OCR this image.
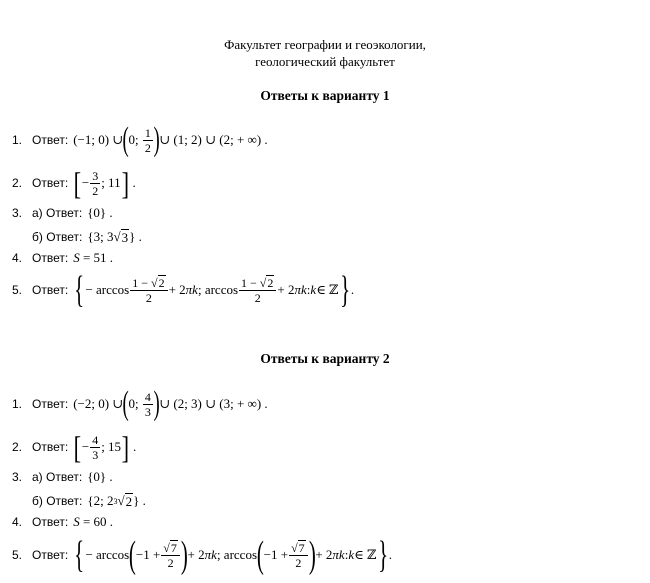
Факультет географии и геоэкологии,
геологический факультет
Ответы к варианту 1
1. Ответ: (−1; 0) ∪ ( 0; $\frac{1}{2}$ ) ∪ (1; 2) ∪ (2; + ∞) .
2. Ответ: [ − $\frac{3}{2}$ ; 11 ] .
3. а) Ответ: {0} .
б) Ответ: {3; 3√ 3 } .
4. Ответ: S = 51 .
5. Ответ: { − $\arccos \frac{1 - √2}{2} + 2$ πk ; $\arccos \frac{1 - √2}{2} + 2$ πk : k ∈ ℤ } .
Ответы к варианту 2
1. Ответ: (−2; 0) ∪ ( 0; $\frac{4}{3}$ ) ∪ (2; 3) ∪ (3; + ∞) .
2. Ответ: [ − $\frac{4}{3}$ ; 15 ] .
3. а) Ответ: {0} .
б) Ответ: {2; 2 3 √ 2 } .
4. Ответ: S = 60 .
5. Ответ: { − arccos ( $-1 + \frac{√7}{2}$ ) + 2 πk ; arccos ( $-1 + \frac{√7}{2}$ ) + 2 πk : k ∈ ℤ } .
